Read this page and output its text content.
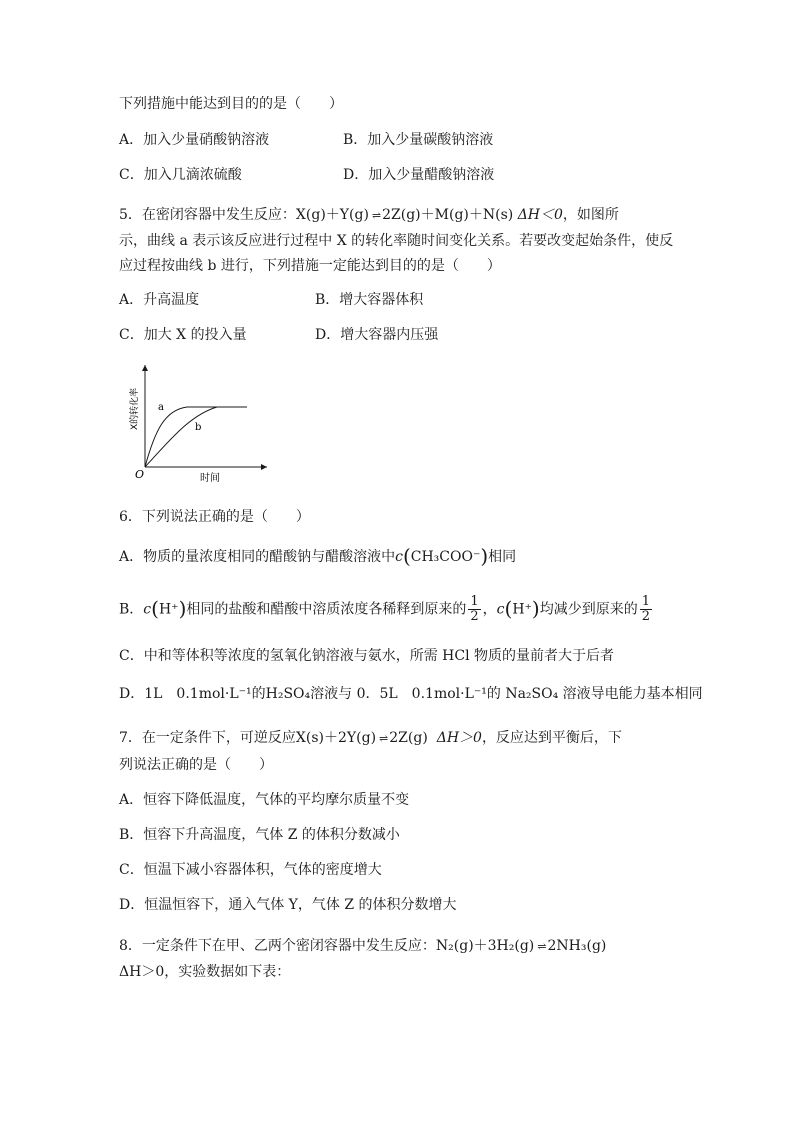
下列措施中能达到目的的是（　　）
A．加入少量硝酸钠溶液	B．加入少量碳酸钠溶液
C．加入几滴浓硫酸	D．加入少量醋酸钠溶液
5．在密闭容器中发生反应：X(g)＋Y(g) ⇌ 2Z(g)＋M(g)＋N(s) ΔH＜0，如图所
示，曲线 a 表示该反应进行过程中 X 的转化率随时间变化关系。若要改变起始条件，使反
应过程按曲线 b 进行，下列措施一定能达到目的的是（　　）
A．升高温度	B．增大容器体积
C．加大 X 的投入量	D．增大容器内压强
a
b
O	时间
X的转化率
6．下列说法正确的是（　　）
A．物质的量浓度相同的醋酸钠与醋酸溶液中c(CH₃COO⁻)相同
B．c(H⁺)相同的盐酸和醋酸中溶质浓度各稀释到原来的 $\frac{1}{2}$ ，c(H⁺)均减少到原来的 $\frac{1}{2}$
C．中和等体积等浓度的氢氧化钠溶液与氨水，所需 HCl 物质的量前者大于后者
D．1L　0.1mol·L⁻¹的H₂SO₄溶液与 0．5L　0.1mol·L⁻¹的 Na₂SO₄ 溶液导电能力基本相同
7．在一定条件下，可逆反应X(s)＋2Y(g) ⇌ 2Z(g) ΔH＞0，反应达到平衡后，下
列说法正确的是（　　）
A．恒容下降低温度，气体的平均摩尔质量不变
B．恒容下升高温度，气体 Z 的体积分数减小
C．恒温下减小容器体积，气体的密度增大
D．恒温恒容下，通入气体 Y，气体 Z 的体积分数增大
8．一定条件下在甲、乙两个密闭容器中发生反应：N₂(g)＋3H₂(g) ⇌ 2NH₃(g)
ΔH＞0，实验数据如下表：
